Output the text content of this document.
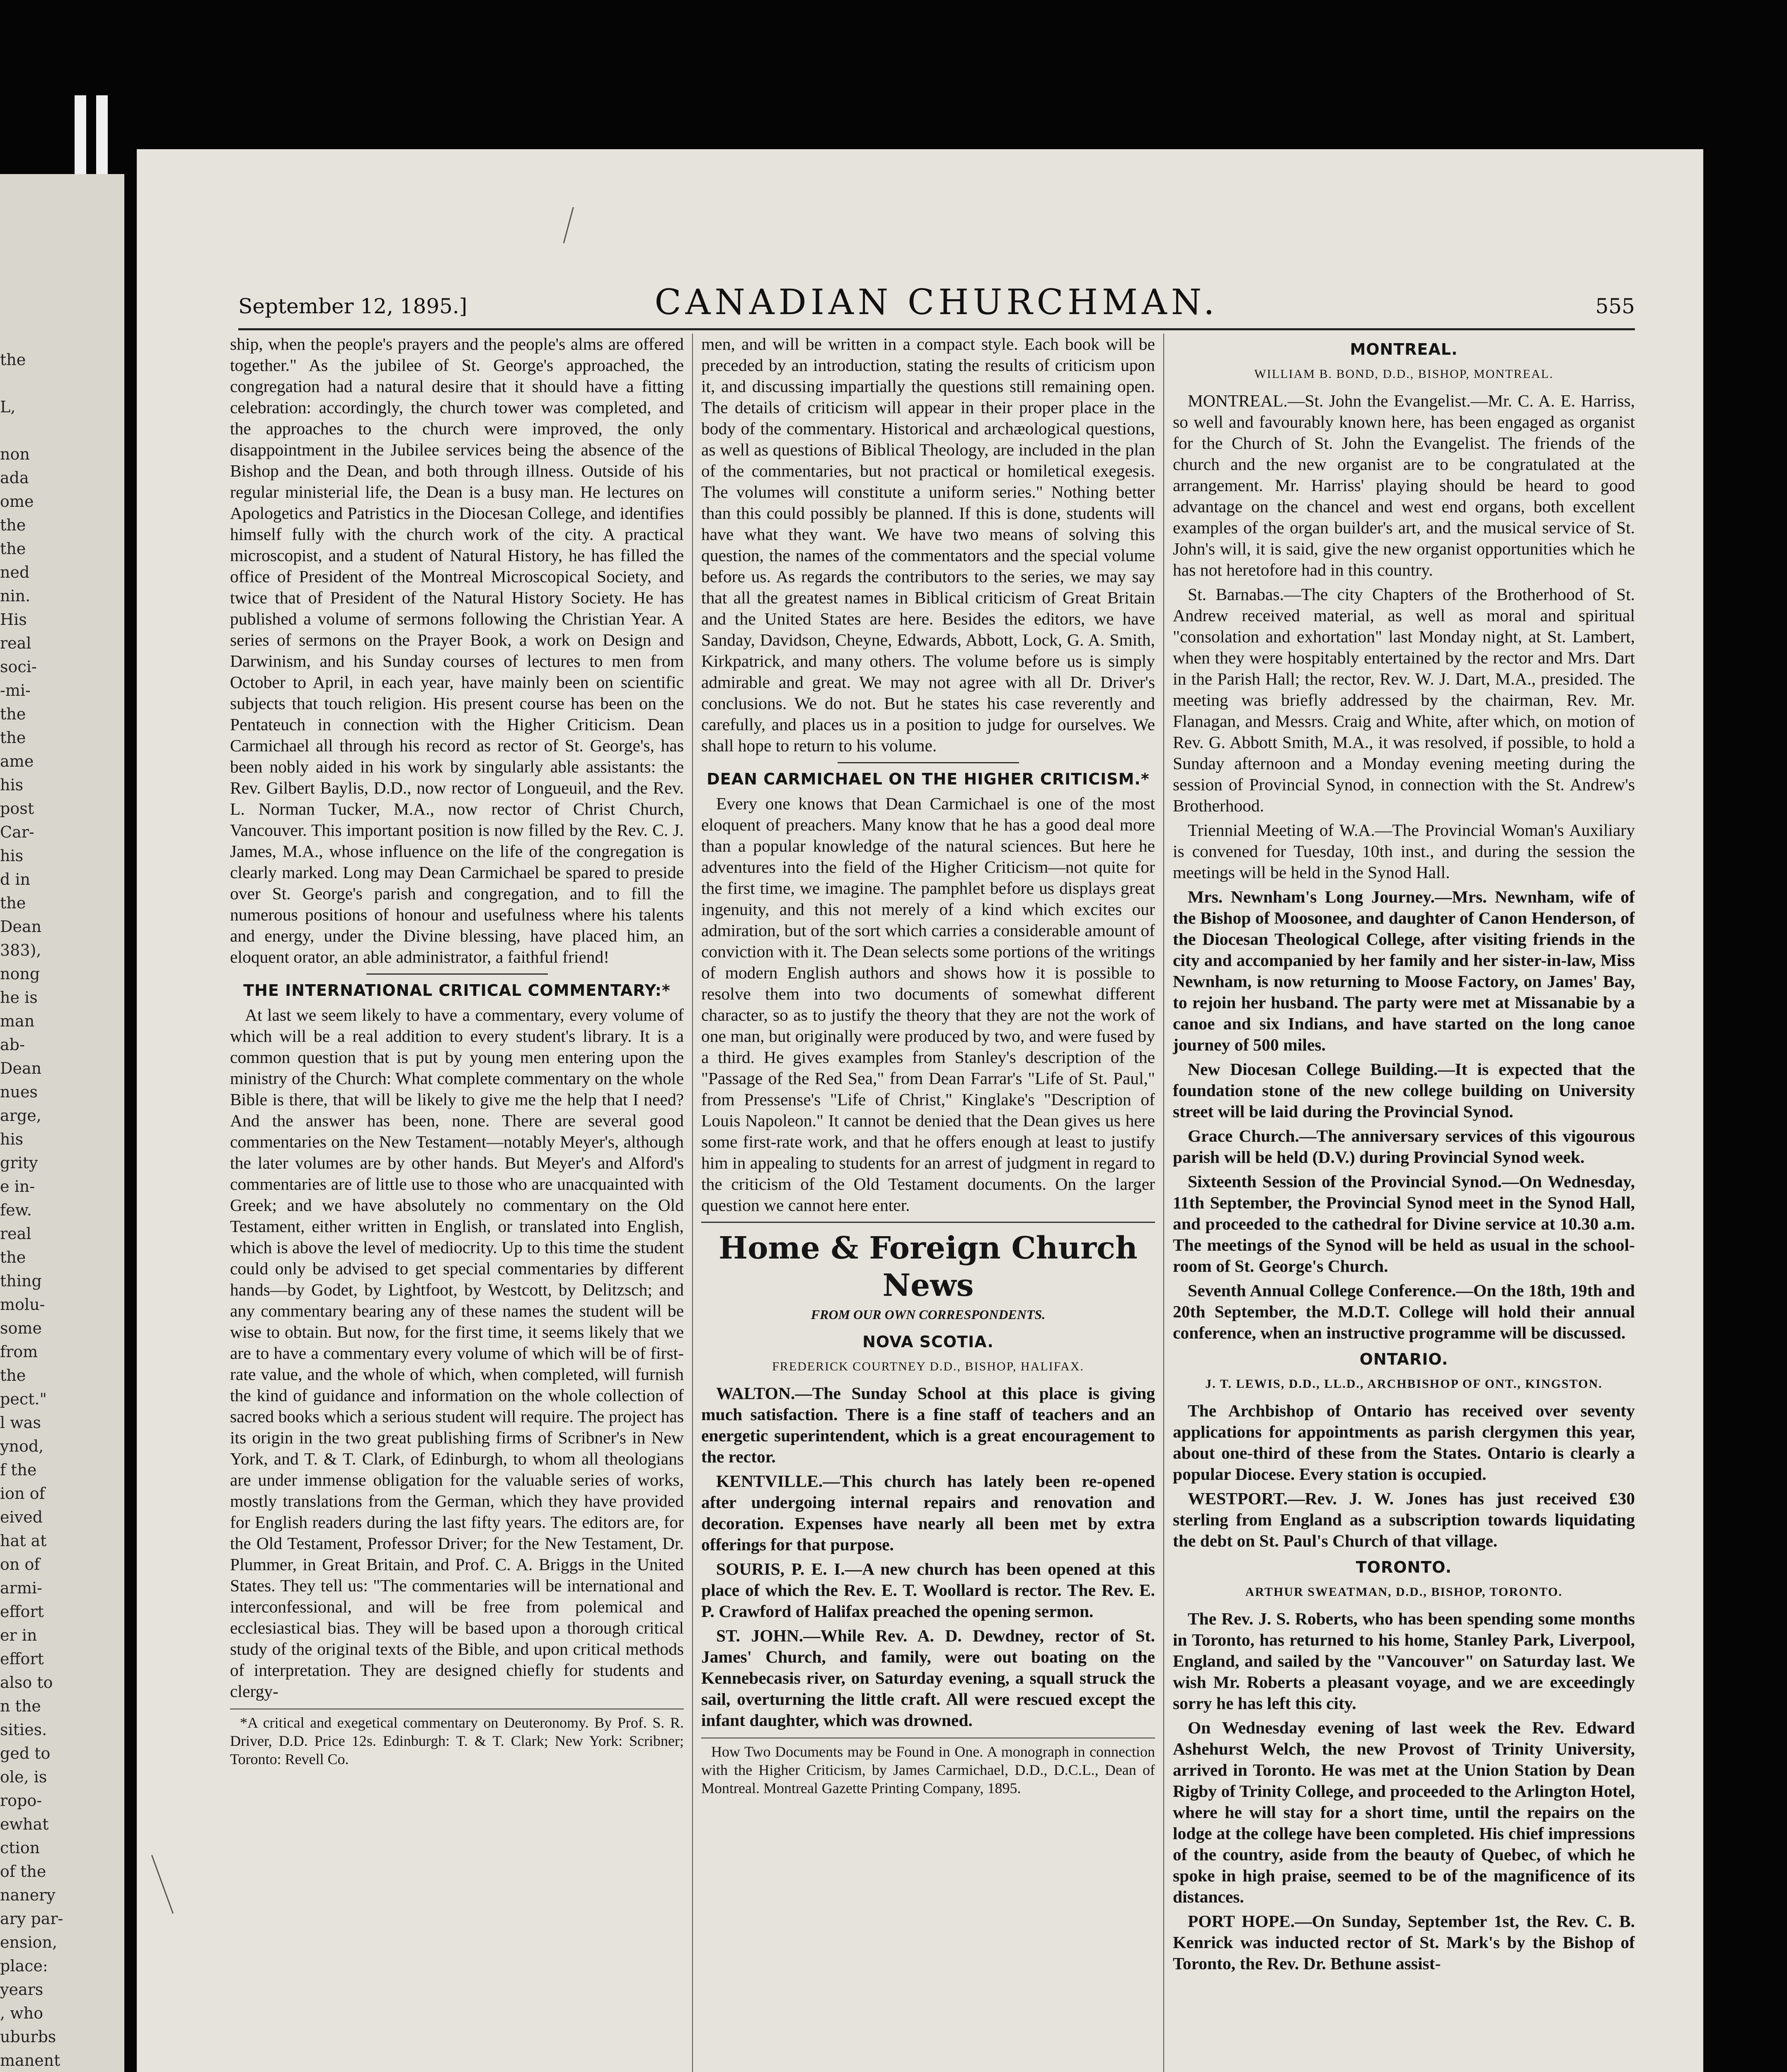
the
L,
non
ada
ome
the
the
ned
nin.
His
real
soci-
-mi-
the
the
ame
his
post
Car-
his
d in
the
Dean
383),
nong
he is
man
ab-
Dean
nues
arge,
his
grity
e in-
few.
real
the
thing
molu-
some
from
the
pect."
l was
ynod,
f the
ion of
eived
hat at
on of
armi-
effort
er in
effort
also to
n the
sities.
ged to
ole, is
ropo-
ewhat
ction
of the
nanery
ary par-
ension,
place:
years
, who
uburbs
manent
September 12, 1895.]	CANADIAN CHURCHMAN.	555

ship, when the people's prayers and the people's alms are offered together." As the jubilee of St. George's approached, the congregation had a natural desire that it should have a fitting celebration: accordingly, the church tower was completed, and the approaches to the church were improved, the only disappointment in the Jubilee services being the absence of the Bishop and the Dean, and both through illness. Outside of his regular ministerial life, the Dean is a busy man. He lectures on Apologetics and Patristics in the Diocesan College, and identifies himself fully with the church work of the city. A practical microscopist, and a student of Natural History, he has filled the office of President of the Montreal Microscopical Society, and twice that of President of the Natural History Society. He has published a volume of sermons following the Christian Year. A series of sermons on the Prayer Book, a work on Design and Darwinism, and his Sunday courses of lectures to men from October to April, in each year, have mainly been on scientific subjects that touch religion. His present course has been on the Pentateuch in connection with the Higher Criticism. Dean Carmichael all through his record as rector of St. George's, has been nobly aided in his work by singularly able assistants: the Rev. Gilbert Baylis, D.D., now rector of Longueuil, and the Rev. L. Norman Tucker, M.A., now rector of Christ Church, Vancouver. This important position is now filled by the Rev. C. J. James, M.A., whose influence on the life of the congregation is clearly marked. Long may Dean Carmichael be spared to preside over St. George's parish and congregation, and to fill the numerous positions of honour and usefulness where his talents and energy, under the Divine blessing, have placed him, an eloquent orator, an able administrator, a faithful friend!

THE INTERNATIONAL CRITICAL COMMENTARY:*

At last we seem likely to have a commentary, every volume of which will be a real addition to every student's library. It is a common question that is put by young men entering upon the ministry of the Church: What complete commentary on the whole Bible is there, that will be likely to give me the help that I need? And the answer has been, none. There are several good commentaries on the New Testament—notably Meyer's, although the later volumes are by other hands. But Meyer's and Alford's commentaries are of little use to those who are unacquainted with Greek; and we have absolutely no commentary on the Old Testament, either written in English, or translated into English, which is above the level of mediocrity. Up to this time the student could only be advised to get special commentaries by different hands—by Godet, by Lightfoot, by Westcott, by Delitzsch; and any commentary bearing any of these names the student will be wise to obtain. But now, for the first time, it seems likely that we are to have a commentary every volume of which will be of first-rate value, and the whole of which, when completed, will furnish the kind of guidance and information on the whole collection of sacred books which a serious student will require. The project has its origin in the two great publishing firms of Scribner's in New York, and T. & T. Clark, of Edinburgh, to whom all theologians are under immense obligation for the valuable series of works, mostly translations from the German, which they have provided for English readers during the last fifty years. The editors are, for the Old Testament, Professor Driver; for the New Testament, Dr. Plummer, in Great Britain, and Prof. C. A. Briggs in the United States. They tell us: "The commentaries will be international and interconfessional, and will be free from polemical and ecclesiastical bias. They will be based upon a thorough critical study of the original texts of the Bible, and upon critical methods of interpretation. They are designed chiefly for students and clergy-

*A critical and exegetical commentary on Deuteronomy. By Prof. S. R. Driver, D.D. Price 12s. Edinburgh: T. & T. Clark; New York: Scribner; Toronto: Revell Co.

men, and will be written in a compact style. Each book will be preceded by an introduction, stating the results of criticism upon it, and discussing impartially the questions still remaining open. The details of criticism will appear in their proper place in the body of the commentary. Historical and archæological questions, as well as questions of Biblical Theology, are included in the plan of the commentaries, but not practical or homiletical exegesis. The volumes will constitute a uniform series." Nothing better than this could possibly be planned. If this is done, students will have what they want. We have two means of solving this question, the names of the commentators and the special volume before us. As regards the contributors to the series, we may say that all the greatest names in Biblical criticism of Great Britain and the United States are here. Besides the editors, we have Sanday, Davidson, Cheyne, Edwards, Abbott, Lock, G. A. Smith, Kirkpatrick, and many others. The volume before us is simply admirable and great. We may not agree with all Dr. Driver's conclusions. We do not. But he states his case reverently and carefully, and places us in a position to judge for ourselves. We shall hope to return to his volume.

DEAN CARMICHAEL ON THE HIGHER CRITICISM.*

Every one knows that Dean Carmichael is one of the most eloquent of preachers. Many know that he has a good deal more than a popular knowledge of the natural sciences. But here he adventures into the field of the Higher Criticism—not quite for the first time, we imagine. The pamphlet before us displays great ingenuity, and this not merely of a kind which excites our admiration, but of the sort which carries a considerable amount of conviction with it. The Dean selects some portions of the writings of modern English authors and shows how it is possible to resolve them into two documents of somewhat different character, so as to justify the theory that they are not the work of one man, but originally were produced by two, and were fused by a third. He gives examples from Stanley's description of the "Passage of the Red Sea," from Dean Farrar's "Life of St. Paul," from Pressense's "Life of Christ," Kinglake's "Description of Louis Napoleon." It cannot be denied that the Dean gives us here some first-rate work, and that he offers enough at least to justify him in appealing to students for an arrest of judgment in regard to the criticism of the Old Testament documents. On the larger question we cannot here enter.

Home & Foreign Church News

FROM OUR OWN CORRESPONDENTS.

NOVA SCOTIA.

FREDERICK COURTNEY D.D., BISHOP, HALIFAX.

WALTON.—The Sunday School at this place is giving much satisfaction. There is a fine staff of teachers and an energetic superintendent, which is a great encouragement to the rector.

KENTVILLE.—This church has lately been re-opened after undergoing internal repairs and renovation and decoration. Expenses have nearly all been met by extra offerings for that purpose.

SOURIS, P. E. I.—A new church has been opened at this place of which the Rev. E. T. Woollard is rector. The Rev. E. P. Crawford of Halifax preached the opening sermon.

ST. JOHN.—While Rev. A. D. Dewdney, rector of St. James' Church, and family, were out boating on the Kennebecasis river, on Saturday evening, a squall struck the sail, overturning the little craft. All were rescued except the infant daughter, which was drowned.

How Two Documents may be Found in One. A monograph in connection with the Higher Criticism, by James Carmichael, D.D., D.C.L., Dean of Montreal. Montreal Gazette Printing Company, 1895.

MONTREAL.

WILLIAM B. BOND, D.D., BISHOP, MONTREAL.

MONTREAL.—St. John the Evangelist.—Mr. C. A. E. Harriss, so well and favourably known here, has been engaged as organist for the Church of St. John the Evangelist. The friends of the church and the new organist are to be congratulated at the arrangement. Mr. Harriss' playing should be heard to good advantage on the chancel and west end organs, both excellent examples of the organ builder's art, and the musical service of St. John's will, it is said, give the new organist opportunities which he has not heretofore had in this country.

St. Barnabas.—The city Chapters of the Brotherhood of St. Andrew received material, as well as moral and spiritual "consolation and exhortation" last Monday night, at St. Lambert, when they were hospitably entertained by the rector and Mrs. Dart in the Parish Hall; the rector, Rev. W. J. Dart, M.A., presided. The meeting was briefly addressed by the chairman, Rev. Mr. Flanagan, and Messrs. Craig and White, after which, on motion of Rev. G. Abbott Smith, M.A., it was resolved, if possible, to hold a Sunday afternoon and a Monday evening meeting during the session of Provincial Synod, in connection with the St. Andrew's Brotherhood.

Triennial Meeting of W.A.—The Provincial Woman's Auxiliary is convened for Tuesday, 10th inst., and during the session the meetings will be held in the Synod Hall.

Mrs. Newnham's Long Journey.—Mrs. Newnham, wife of the Bishop of Moosonee, and daughter of Canon Henderson, of the Diocesan Theological College, after visiting friends in the city and accompanied by her family and her sister-in-law, Miss Newnham, is now returning to Moose Factory, on James' Bay, to rejoin her husband. The party were met at Missanabie by a canoe and six Indians, and have started on the long canoe journey of 500 miles.

New Diocesan College Building.—It is expected that the foundation stone of the new college building on University street will be laid during the Provincial Synod.

Grace Church.—The anniversary services of this vigourous parish will be held (D.V.) during Provincial Synod week.

Sixteenth Session of the Provincial Synod.—On Wednesday, 11th September, the Provincial Synod meet in the Synod Hall, and proceeded to the cathedral for Divine service at 10.30 a.m. The meetings of the Synod will be held as usual in the school-room of St. George's Church.

Seventh Annual College Conference.—On the 18th, 19th and 20th September, the M.D.T. College will hold their annual conference, when an instructive programme will be discussed.

ONTARIO.

J. T. LEWIS, D.D., LL.D., ARCHBISHOP OF ONT., KINGSTON.

The Archbishop of Ontario has received over seventy applications for appointments as parish clergymen this year, about one-third of these from the States. Ontario is clearly a popular Diocese. Every station is occupied.

WESTPORT.—Rev. J. W. Jones has just received £30 sterling from England as a subscription towards liquidating the debt on St. Paul's Church of that village.

TORONTO.

ARTHUR SWEATMAN, D.D., BISHOP, TORONTO.

The Rev. J. S. Roberts, who has been spending some months in Toronto, has returned to his home, Stanley Park, Liverpool, England, and sailed by the "Vancouver" on Saturday last. We wish Mr. Roberts a pleasant voyage, and we are exceedingly sorry he has left this city.

On Wednesday evening of last week the Rev. Edward Ashehurst Welch, the new Provost of Trinity University, arrived in Toronto. He was met at the Union Station by Dean Rigby of Trinity College, and proceeded to the Arlington Hotel, where he will stay for a short time, until the repairs on the lodge at the college have been completed. His chief impressions of the country, aside from the beauty of Quebec, of which he spoke in high praise, seemed to be of the magnificence of its distances.

PORT HOPE.—On Sunday, September 1st, the Rev. C. B. Kenrick was inducted rector of St. Mark's by the Bishop of Toronto, the Rev. Dr. Bethune assist-
